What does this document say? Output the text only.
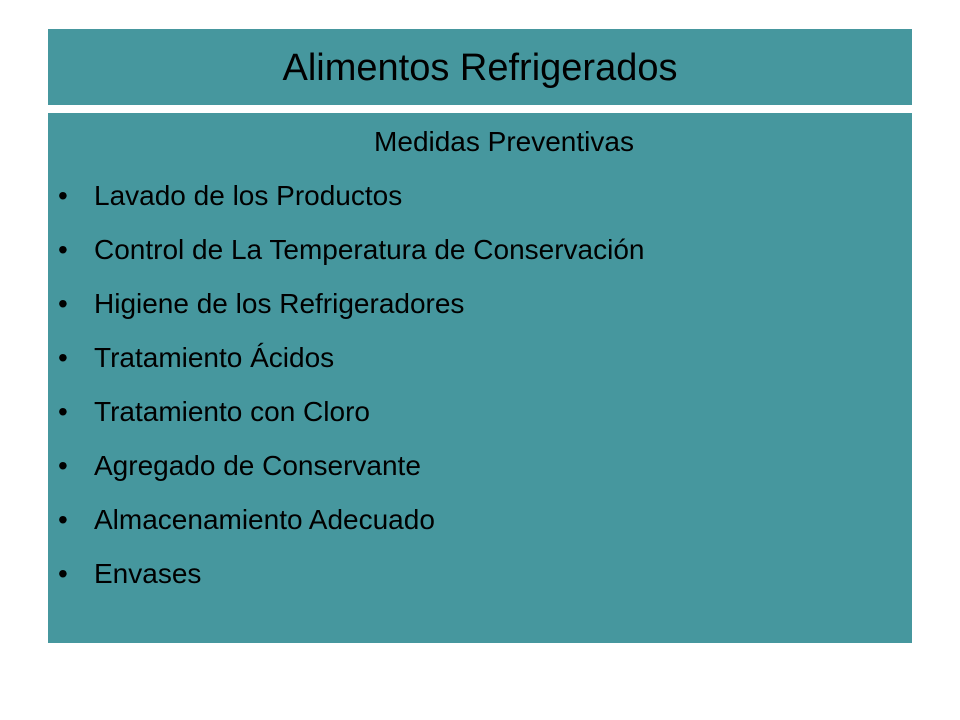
Alimentos Refrigerados
Medidas Preventivas
• Lavado de los Productos
• Control de La Temperatura de Conservación
• Higiene de los Refrigeradores
• Tratamiento Ácidos
• Tratamiento con Cloro
• Agregado de Conservante
• Almacenamiento Adecuado
• Envases
